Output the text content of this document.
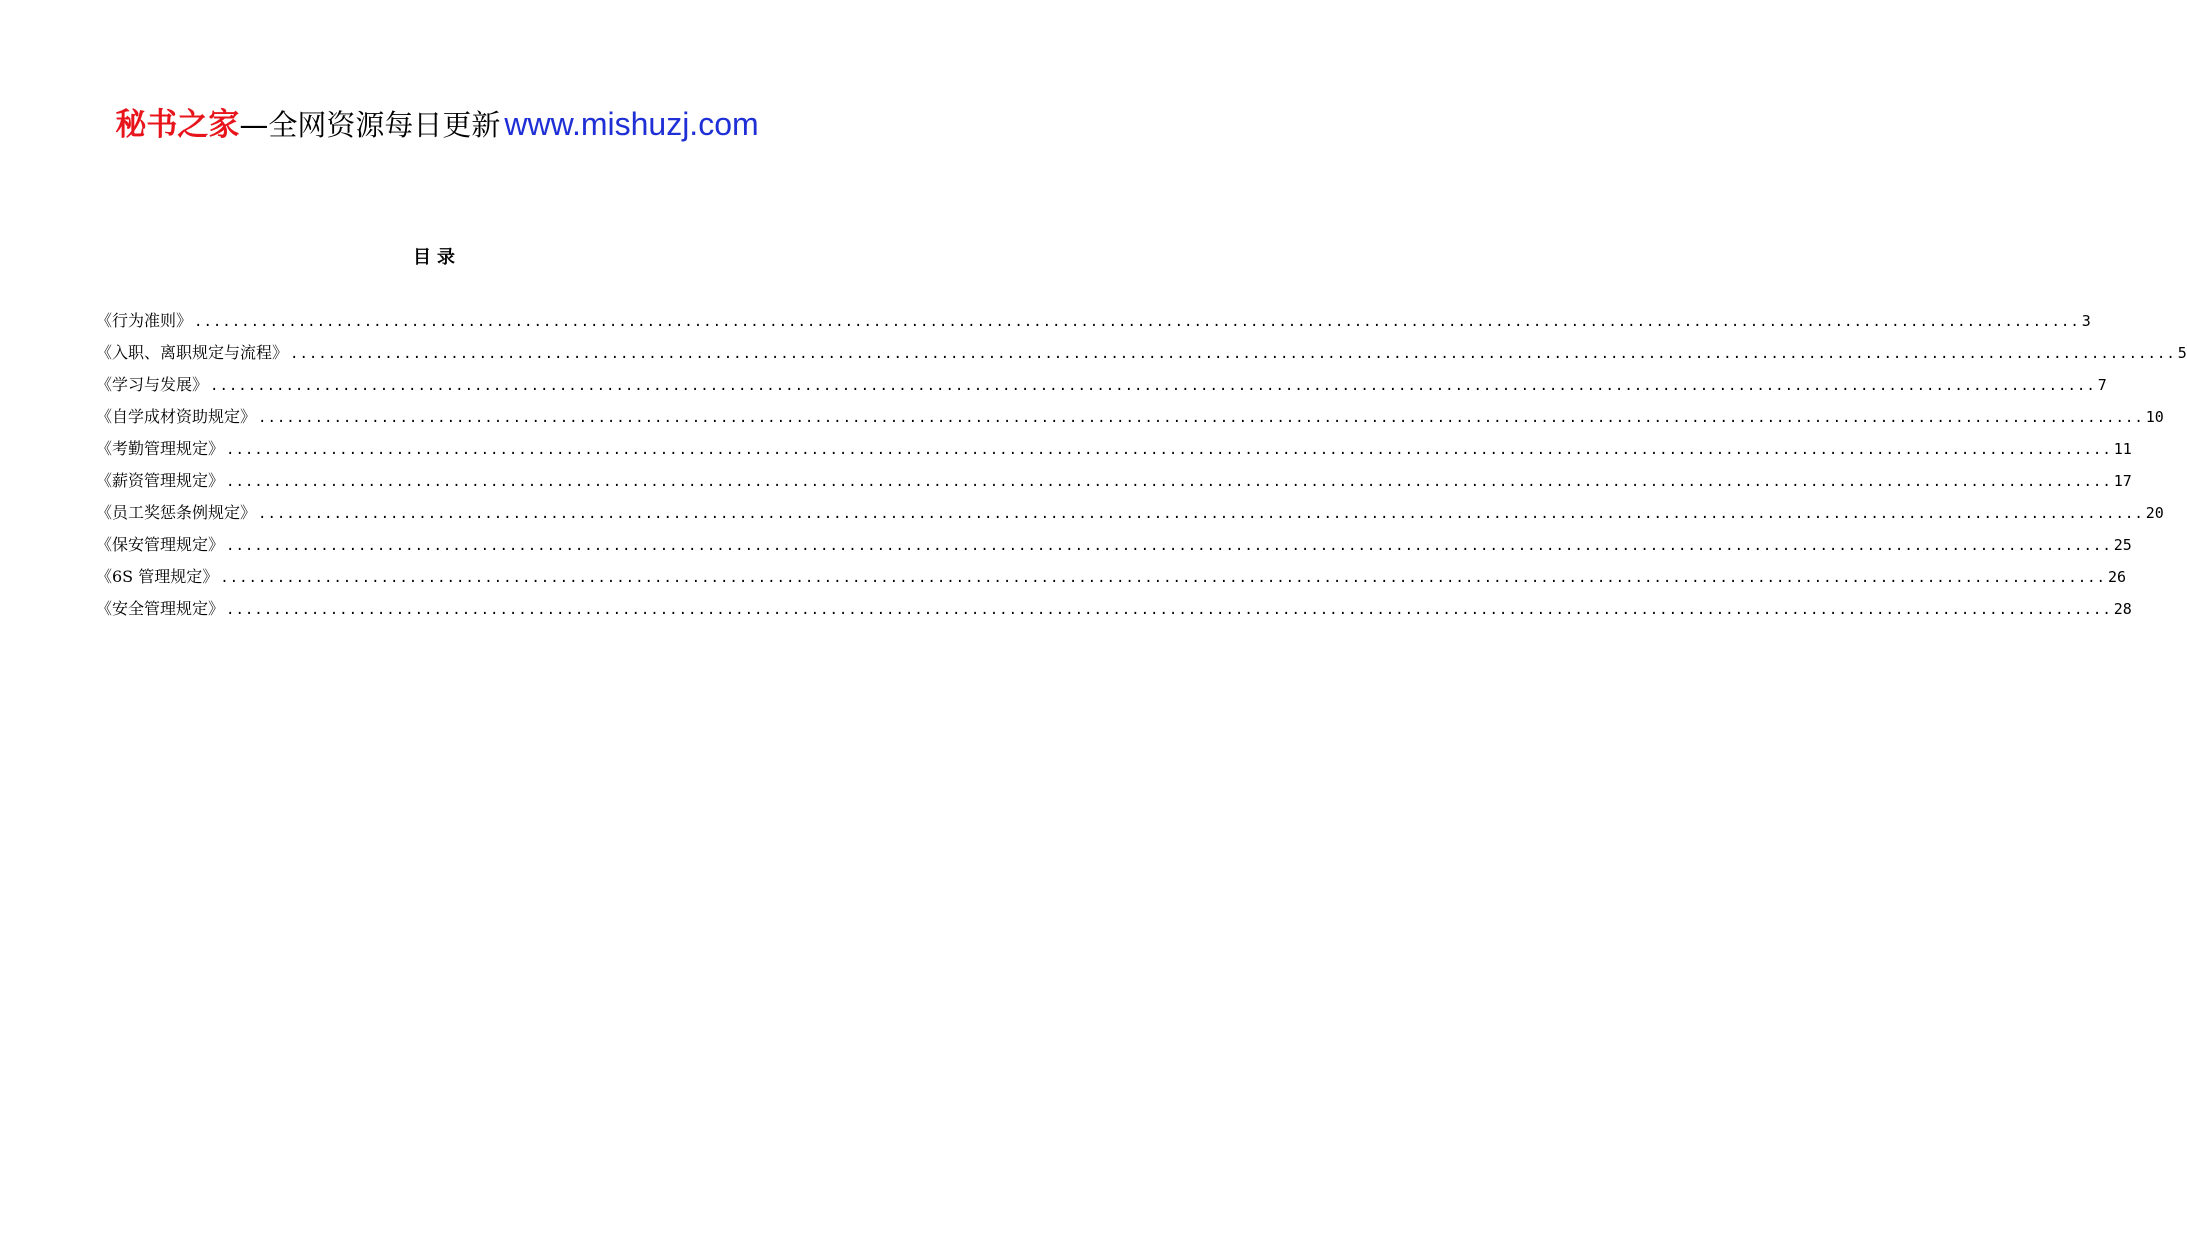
秘书之家—全网资源每日更新 www.mishuzj.com
目录
《行为准则》 ........................................................................................................................................................................................................ 3
《入职、离职规定与流程》 ........................................................................................................................................................................................................ 5
《学习与发展》 ........................................................................................................................................................................................................ 7
《自学成材资助规定》 ........................................................................................................................................................................................................ 10
《考勤管理规定》 ........................................................................................................................................................................................................ 11
《薪资管理规定》 ........................................................................................................................................................................................................ 17
《员工奖惩条例规定》 ........................................................................................................................................................................................................ 20
《保安管理规定》 ........................................................................................................................................................................................................ 25
《6S 管理规定》 ........................................................................................................................................................................................................ 26
《安全管理规定》 ........................................................................................................................................................................................................ 28
